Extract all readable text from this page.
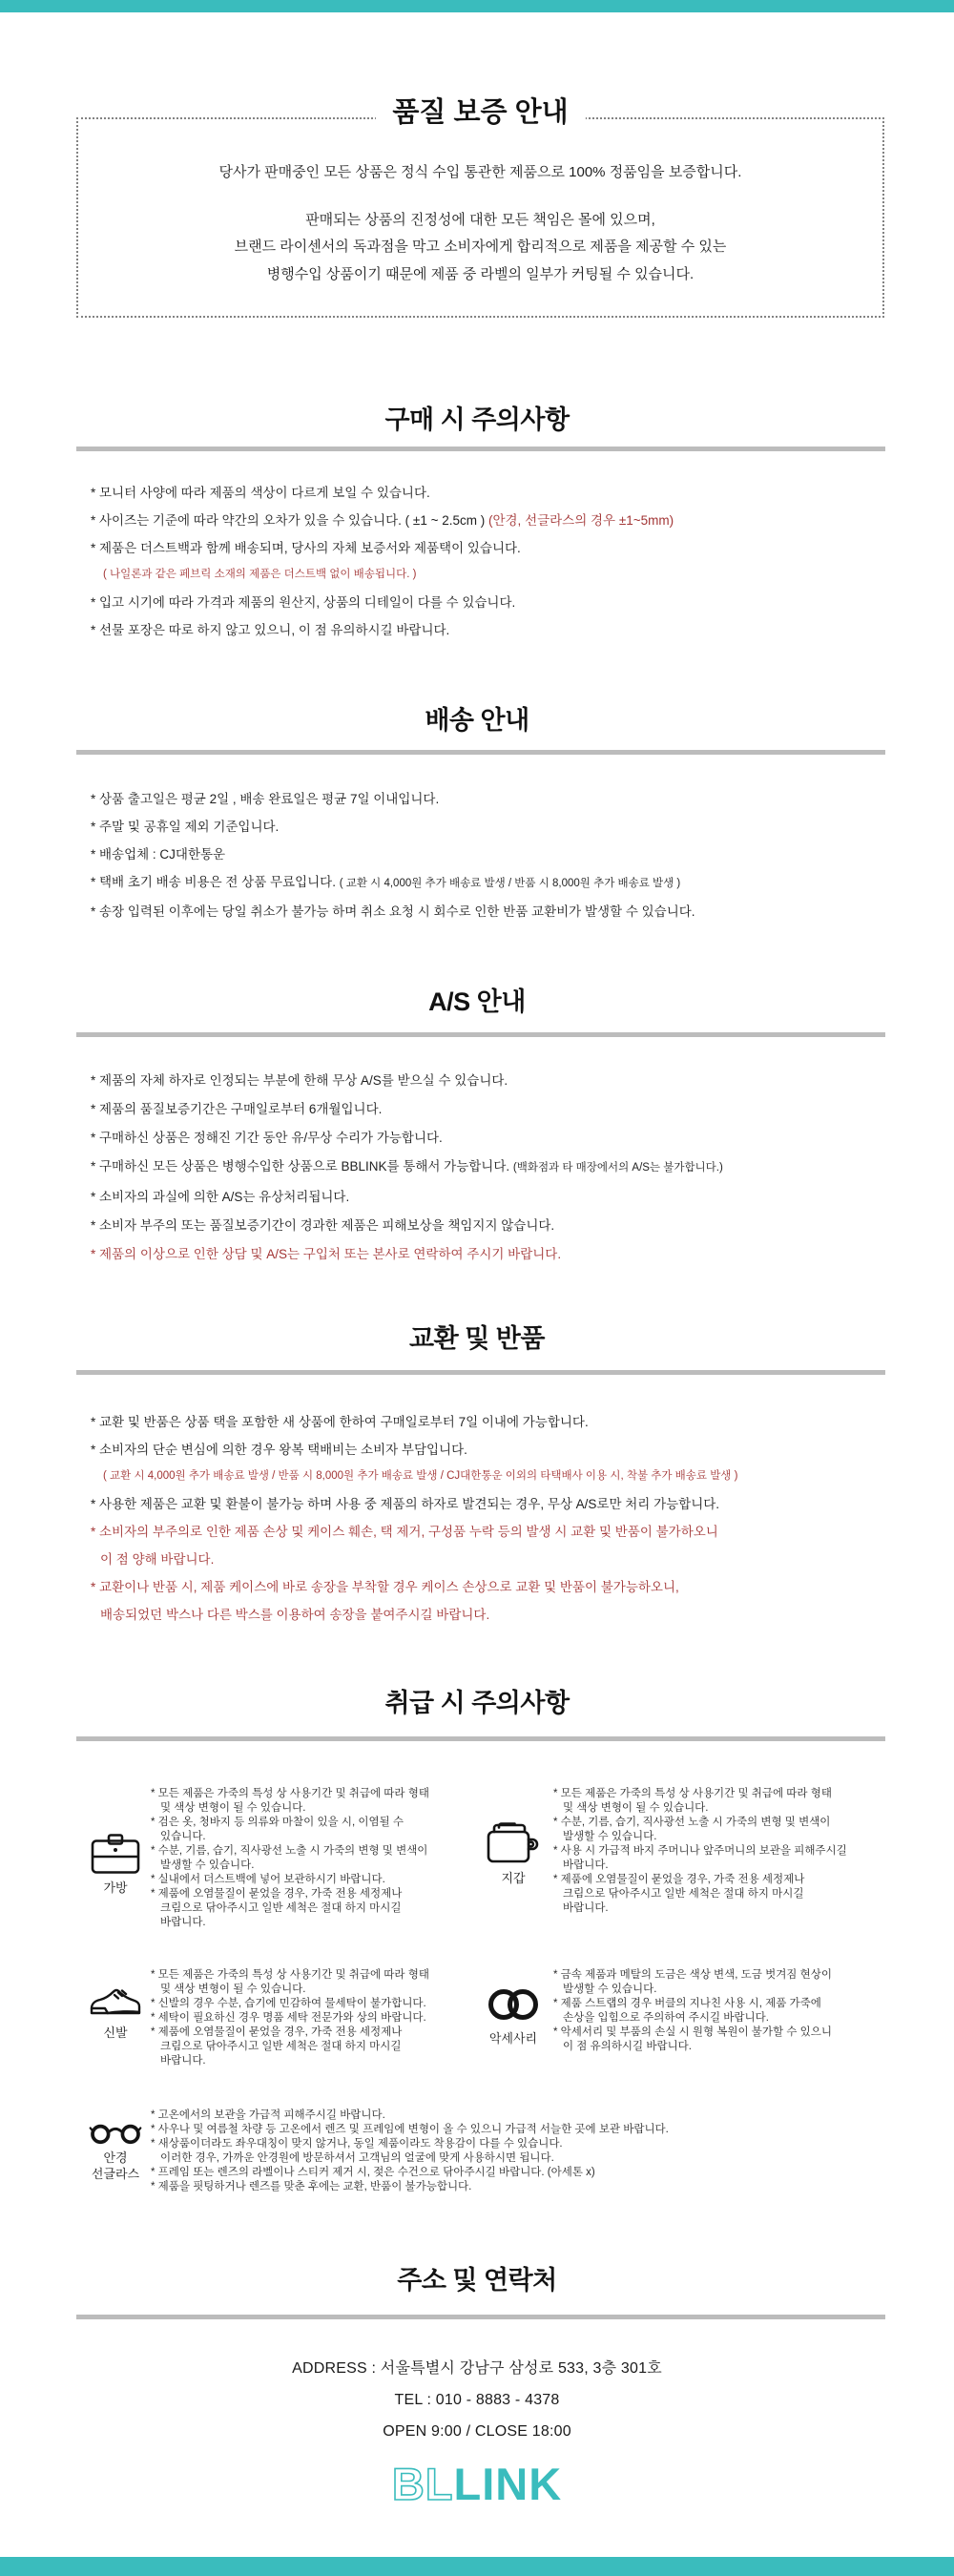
품질 보증 안내
당사가 판매중인 모든 상품은 정식 수입 통관한 제품으로 100% 정품임을 보증합니다.
판매되는 상품의 진정성에 대한 모든 책임은 몰에 있으며,
브랜드 라이센서의 독과점을 막고 소비자에게 합리적으로 제품을 제공할 수 있는
병행수입 상품이기 때문에 제품 중 라벨의 일부가 커팅될 수 있습니다.
구매 시 주의사항
* 모니터 사양에 따라 제품의 색상이 다르게 보일 수 있습니다.
* 사이즈는 기준에 따라 약간의 오차가 있을 수 있습니다. ( ±1 ~ 2.5cm ) (안경, 선글라스의 경우 ±1~5mm)
* 제품은 더스트백과 함께 배송되며, 당사의 자체 보증서와 제품택이 있습니다.
( 나일론과 같은 페브릭 소재의 제품은 더스트백 없이 배송됩니다. )
* 입고 시기에 따라 가격과 제품의 원산지, 상품의 디테일이 다를 수 있습니다.
* 선물 포장은 따로 하지 않고 있으니, 이 점 유의하시길 바랍니다.
배송 안내
* 상품 출고일은 평균 2일 , 배송 완료일은 평균 7일 이내입니다.
* 주말 및 공휴일 제외 기준입니다.
* 배송업체 : CJ대한통운
* 택배 초기 배송 비용은 전 상품 무료입니다. ( 교환 시 4,000원 추가 배송료 발생 / 반품 시 8,000원 추가 배송료 발생 )
* 송장 입력된 이후에는 당일 취소가 불가능 하며 취소 요청 시 회수로 인한 반품 교환비가 발생할 수 있습니다.
A/S 안내
* 제품의 자체 하자로 인정되는 부분에 한해 무상 A/S를 받으실 수 있습니다.
* 제품의 품질보증기간은 구매일로부터 6개월입니다.
* 구매하신 상품은 정해진 기간 동안 유/무상 수리가 가능합니다.
* 구매하신 모든 상품은 병행수입한 상품으로 BBLINK를 통해서 가능합니다. (백화점과 타 매장에서의 A/S는 불가합니다.)
* 소비자의 과실에 의한 A/S는 유상처리됩니다.
* 소비자 부주의 또는 품질보증기간이 경과한 제품은 피해보상을 책임지지 않습니다.
* 제품의 이상으로 인한 상담 및 A/S는 구입처 또는 본사로 연락하여 주시기 바랍니다.
교환 및 반품
* 교환 및 반품은 상품 택을 포함한 새 상품에 한하여 구매일로부터 7일 이내에 가능합니다.
* 소비자의 단순 변심에 의한 경우 왕복 택배비는 소비자 부담입니다.
( 교환 시 4,000원 추가 배송료 발생 / 반품 시 8,000원 추가 배송료 발생 / CJ대한통운 이외의 타택배사 이용 시, 착불 추가 배송료 발생 )
* 사용한 제품은 교환 및 환불이 불가능 하며 사용 중 제품의 하자로 발견되는 경우, 무상 A/S로만 처리 가능합니다.
* 소비자의 부주의로 인한 제품 손상 및 케이스 훼손, 택 제거, 구성품 누락 등의 발생 시 교환 및 반품이 불가하오니
이 점 양해 바랍니다.
* 교환이나 반품 시, 제품 케이스에 바로 송장을 부착할 경우 케이스 손상으로 교환 및 반품이 불가능하오니,
배송되었던 박스나 다른 박스를 이용하여 송장을 붙여주시길 바랍니다.
취급 시 주의사항
가방
* 모든 제품은 가죽의 특성 상 사용기간 및 취급에 따라 형태
및 색상 변형이 될 수 있습니다.
* 검은 옷, 청바지 등 의류와 마찰이 있을 시, 이염될 수
있습니다.
* 수분, 기름, 습기, 직사광선 노출 시 가죽의 변형 및 변색이
발생할 수 있습니다.
* 실내에서 더스트백에 넣어 보관하시기 바랍니다.
* 제품에 오염물질이 묻었을 경우, 가죽 전용 세정제나
크림으로 닦아주시고 일반 세척은 절대 하지 마시길
바랍니다.
지갑
* 모든 제품은 가죽의 특성 상 사용기간 및 취급에 따라 형태
및 색상 변형이 될 수 있습니다.
* 수분, 기름, 습기, 직사광선 노출 시 가죽의 변형 및 변색이
발생할 수 있습니다.
* 사용 시 가급적 바지 주머니나 앞주머니의 보관을 피해주시길
바랍니다.
* 제품에 오염물질이 묻었을 경우, 가죽 전용 세정제나
크림으로 닦아주시고 일반 세척은 절대 하지 마시길
바랍니다.
신발
* 모든 제품은 가죽의 특성 상 사용기간 및 취급에 따라 형태
및 색상 변형이 될 수 있습니다.
* 신발의 경우 수분, 습기에 민감하여 물세탁이 불가합니다.
* 세탁이 필요하신 경우 명품 세탁 전문가와 상의 바랍니다.
* 제품에 오염물질이 묻었을 경우, 가죽 전용 세정제나
크림으로 닦아주시고 일반 세척은 절대 하지 마시길
바랍니다.
악세사리
* 금속 제품과 메탈의 도금은 색상 변색, 도금 벗겨짐 현상이
발생할 수 있습니다.
* 제품 스트랩의 경우 버클의 지나친 사용 시, 제품 가죽에
손상을 입힘으로 주의하여 주시길 바랍니다.
* 악세서리 및 부품의 손실 시 원형 복원이 불가할 수 있으니
이 점 유의하시길 바랍니다.
안경
선글라스
* 고온에서의 보관을 가급적 피해주시길 바랍니다.
* 사우나 및 여름철 차량 등 고온에서 렌즈 및 프레임에 변형이 올 수 있으니 가급적 서늘한 곳에 보관 바랍니다.
* 새상품이더라도 좌우대칭이 맞지 않거나, 동일 제품이라도 착용감이 다를 수 있습니다.
이러한 경우, 가까운 안경원에 방문하셔서 고객님의 얼굴에 맞게 사용하시면 됩니다.
* 프레임 또는 렌즈의 라벨이나 스티커 제거 시, 젖은 수건으로 닦아주시길 바랍니다. (아세톤 x)
* 제품을 핏팅하거나 렌즈를 맞춘 후에는 교환, 반품이 불가능합니다.
주소 및 연락처
ADDRESS : 서울특별시 강남구 삼성로 533, 3층 301호
TEL : 010 - 8883 - 4378
OPEN 9:00 / CLOSE 18:00
BLLINK
